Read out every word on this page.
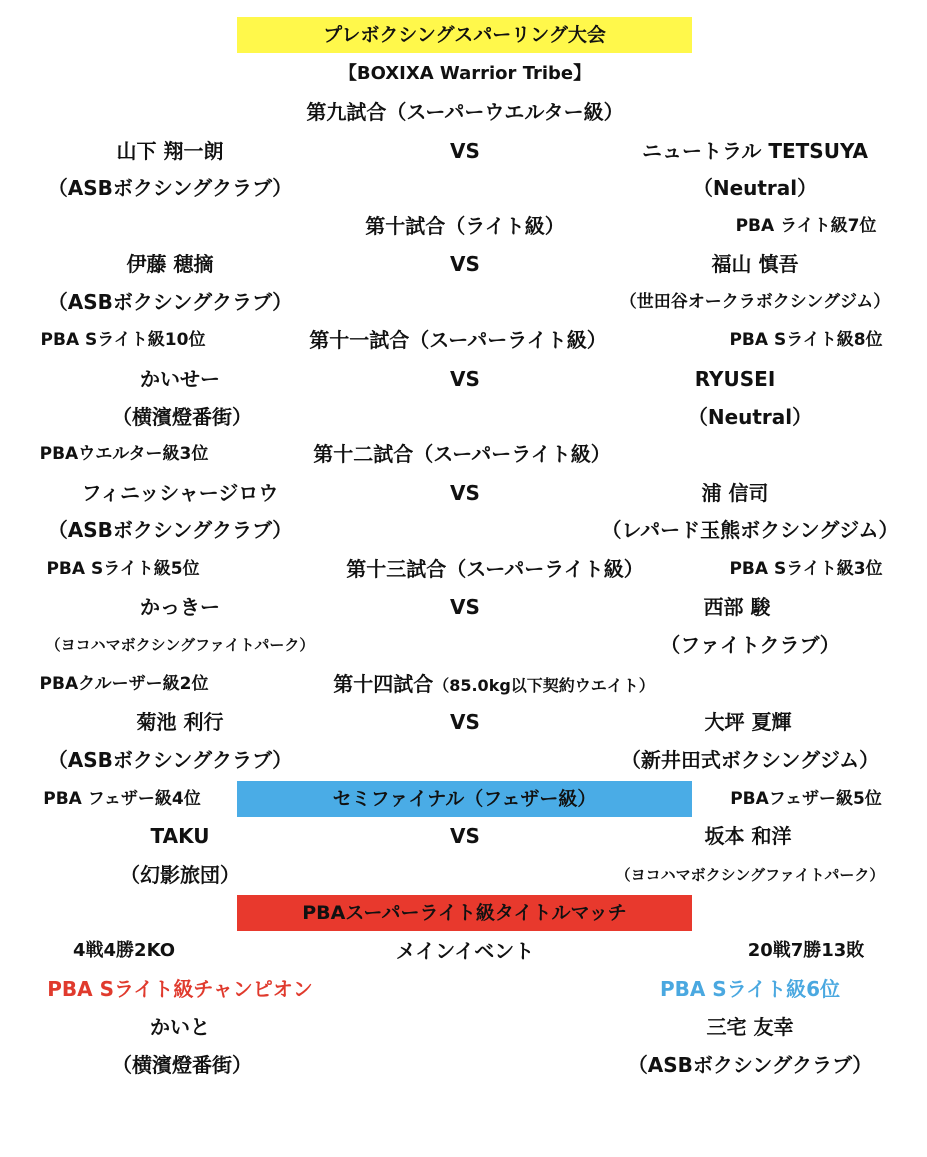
プレボクシングスパーリング大会
【BOXIXA Warrior Tribe】
第九試合（スーパーウエルター級）
山下 翔一朗	VS	ニュートラル TETSUYA
（ASBボクシングクラブ）	（Neutral）
第十試合（ライト級）	PBA ライト級7位
伊藤 穂摘	VS	福山 慎吾
（ASBボクシングクラブ）	（世田谷オークラボクシングジム）
PBA Sライト級10位	第十一試合（スーパーライト級）	PBA Sライト級8位
かいせー	VS	RYUSEI
（横濱燈番街）	（Neutral）
PBAウエルター級3位	第十二試合（スーパーライト級）
フィニッシャージロウ	VS	浦 信司
（ASBボクシングクラブ）	（レパード玉熊ボクシングジム）
PBA Sライト級5位	第十三試合（スーパーライト級）	PBA Sライト級3位
かっきー	VS	西部 駿
（ヨコハマボクシングファイトパーク）	（ファイトクラブ）
PBAクルーザー級2位	第十四試合（85.0kg以下契約ウエイト）
菊池 利行	VS	大坪 夏輝
（ASBボクシングクラブ）	（新井田式ボクシングジム）
セミファイナル（フェザー級）
PBA フェザー級4位	PBAフェザー級5位
TAKU	VS	坂本 和洋
（幻影旅団）	（ヨコハマボクシングファイトパーク）
PBAスーパーライト級タイトルマッチ
4戦4勝2KO	メインイベント	20戦7勝13敗
PBA Sライト級チャンピオン	PBA Sライト級6位
かいと	三宅 友幸
（横濱燈番街）	（ASBボクシングクラブ）
